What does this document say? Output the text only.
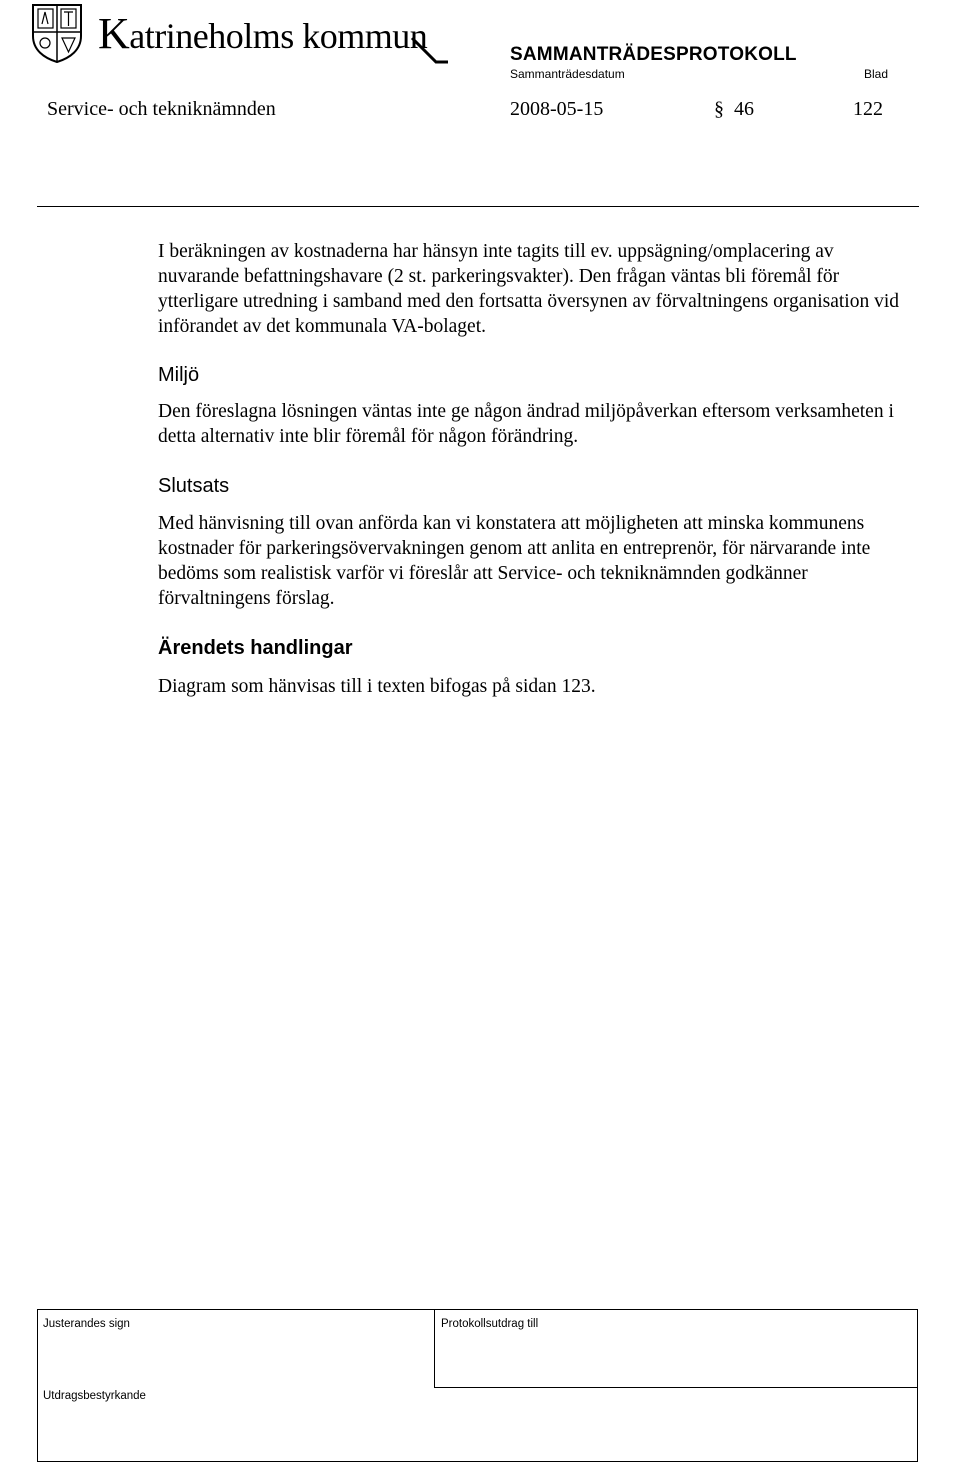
Katrineholms kommun	SAMMANTRÄDESPROTOKOLL
Sammanträdesdatum	Blad
Service- och tekniknämnden	2008-05-15	§ 46	122
I beräkningen av kostnaderna har hänsyn inte tagits till ev. uppsägning/omplacering av nuvarande befattningshavare (2 st. parkeringsvakter). Den frågan väntas bli föremål för ytterligare utredning i samband med den fortsatta översynen av förvaltningens organisation vid införandet av det kommunala VA-bolaget.
Miljö
Den föreslagna lösningen väntas inte ge någon ändrad miljöpåverkan eftersom verksamheten i detta alternativ inte blir föremål för någon förändring.
Slutsats
Med hänvisning till ovan anförda kan vi konstatera att möjligheten att minska kommunens kostnader för parkeringsövervakningen genom att anlita en entreprenör, för närvarande inte bedöms som realistisk varför vi föreslår att Service- och tekniknämnden godkänner förvaltningens förslag.
Ärendets handlingar
Diagram som hänvisas till i texten bifogas på sidan 123.
Justerandes sign	Protokollsutdrag till
Utdragsbestyrkande
